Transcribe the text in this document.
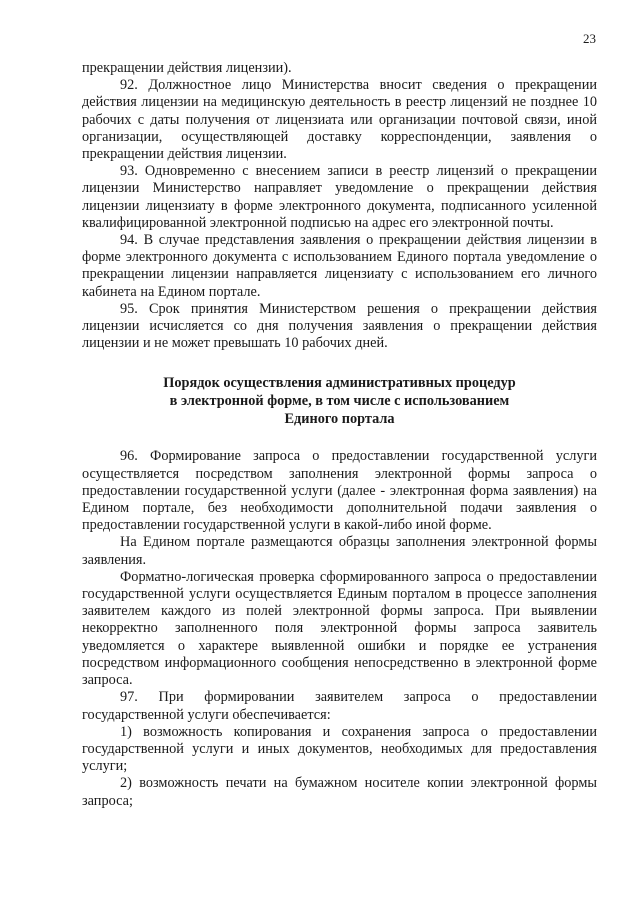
23

прекращении действия лицензии).

92. Должностное лицо Министерства вносит сведения о прекращении действия лицензии на медицинскую деятельность в реестр лицензий не позднее 10 рабочих с даты получения от лицензиата или организации почтовой связи, иной организации, осуществляющей доставку корреспонденции, заявления о прекращении действия лицензии.

93. Одновременно с внесением записи в реестр лицензий о прекращении лицензии Министерство направляет уведомление о прекращении действия лицензии лицензиату в форме электронного документа, подписанного усиленной квалифицированной электронной подписью на адрес его электронной почты.

94. В случае представления заявления о прекращении действия лицензии в форме электронного документа с использованием Единого портала уведомление о прекращении лицензии направляется лицензиату с использованием его личного кабинета на Едином портале.

95. Срок принятия Министерством решения о прекращении действия лицензии исчисляется со дня получения заявления о прекращении действия лицензии и не может превышать 10 рабочих дней.

Порядок осуществления административных процедур
в электронной форме, в том числе с использованием
Единого портала

96. Формирование запроса о предоставлении государственной услуги осуществляется посредством заполнения электронной формы запроса о предоставлении государственной услуги (далее - электронная форма заявления) на Едином портале, без необходимости дополнительной подачи заявления о предоставлении государственной услуги в какой-либо иной форме.

На Едином портале размещаются образцы заполнения электронной формы заявления.

Форматно-логическая проверка сформированного запроса о предоставлении государственной услуги осуществляется Единым порталом в процессе заполнения заявителем каждого из полей электронной формы запроса. При выявлении некорректно заполненного поля электронной формы запроса заявитель уведомляется о характере выявленной ошибки и порядке ее устранения посредством информационного сообщения непосредственно в электронной форме запроса.

97. При формировании заявителем запроса о предоставлении государственной услуги обеспечивается:

1) возможность копирования и сохранения запроса о предоставлении государственной услуги и иных документов, необходимых для предоставления услуги;

2) возможность печати на бумажном носителе копии электронной формы запроса;
